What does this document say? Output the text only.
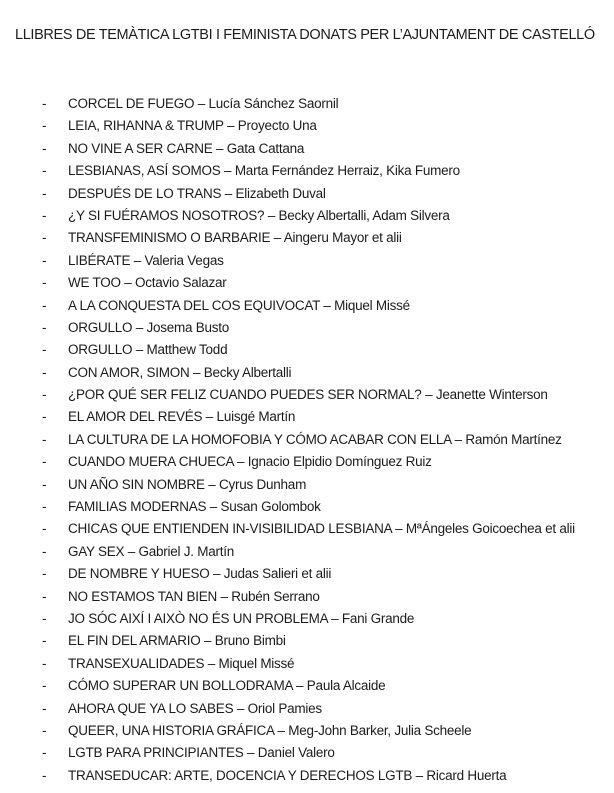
LLIBRES DE TEMÀTICA LGTBI I FEMINISTA DONATS PER L’AJUNTAMENT DE CASTELLÓ
-	CORCEL DE FUEGO – Lucía Sánchez Saornil
-	LEIA, RIHANNA & TRUMP – Proyecto Una
-	NO VINE A SER CARNE – Gata Cattana
-	LESBIANAS, ASÍ SOMOS – Marta Fernández Herraiz, Kika Fumero
-	DESPUÉS DE LO TRANS – Elizabeth Duval
-	¿Y SI FUÉRAMOS NOSOTROS? – Becky Albertalli, Adam Silvera
-	TRANSFEMINISMO O BARBARIE – Aingeru Mayor et alii
-	LIBÉRATE – Valeria Vegas
-	WE TOO – Octavio Salazar
-	A LA CONQUESTA DEL COS EQUIVOCAT – Miquel Missé
-	ORGULLO – Josema Busto
-	ORGULLO – Matthew Todd
-	CON AMOR, SIMON – Becky Albertalli
-	¿POR QUÉ SER FELIZ CUANDO PUEDES SER NORMAL? – Jeanette Winterson
-	EL AMOR DEL REVÉS – Luisgé Martín
-	LA CULTURA DE LA HOMOFOBIA Y CÓMO ACABAR CON ELLA – Ramón Martínez
-	CUANDO MUERA CHUECA – Ignacio Elpidio Domínguez Ruiz
-	UN AÑO SIN NOMBRE – Cyrus Dunham
-	FAMILIAS MODERNAS – Susan Golombok
-	CHICAS QUE ENTIENDEN IN-VISIBILIDAD LESBIANA – MªÁngeles Goicoechea et alii
-	GAY SEX – Gabriel J. Martín
-	DE NOMBRE Y HUESO – Judas Salieri et alii
-	NO ESTAMOS TAN BIEN – Rubén Serrano
-	JO SÓC AIXÍ I AIXÒ NO ÉS UN PROBLEMA – Fani Grande
-	EL FIN DEL ARMARIO – Bruno Bimbi
-	TRANSEXUALIDADES – Miquel Missé
-	CÓMO SUPERAR UN BOLLODRAMA – Paula Alcaide
-	AHORA QUE YA LO SABES – Oriol Pamies
-	QUEER, UNA HISTORIA GRÁFICA – Meg-John Barker, Julia Scheele
-	LGTB PARA PRINCIPIANTES – Daniel Valero
-	TRANSEDUCAR: ARTE, DOCENCIA Y DERECHOS LGTB – Ricard Huerta
